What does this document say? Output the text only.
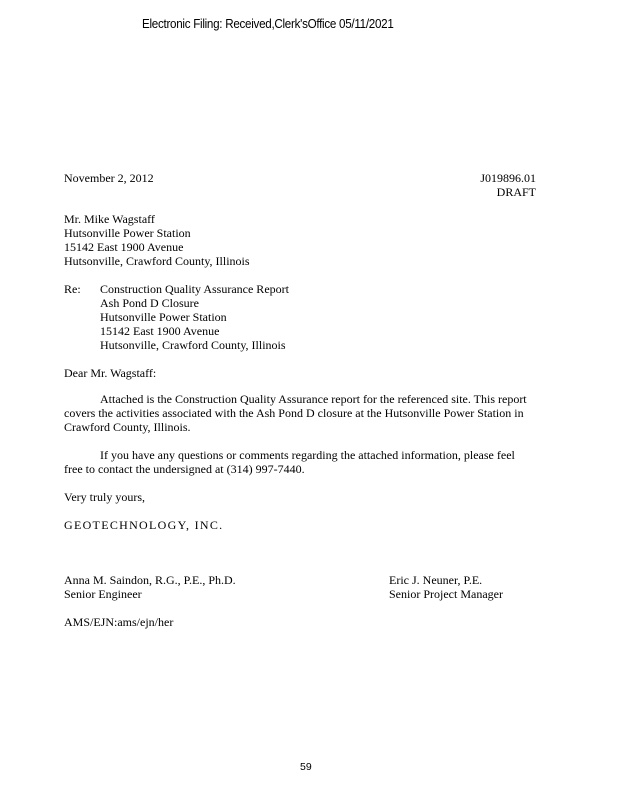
Electronic Filing: Received,Clerk'sOffice 05/11/2021
November 2, 2012	J019896.01
DRAFT
Mr. Mike Wagstaff
Hutsonville Power Station
15142 East 1900 Avenue
Hutsonville, Crawford County, Illinois
Re: Construction Quality Assurance Report
Ash Pond D Closure
Hutsonville Power Station
15142 East 1900 Avenue
Hutsonville, Crawford County, Illinois
Dear Mr. Wagstaff:
Attached is the Construction Quality Assurance report for the referenced site. This report covers the activities associated with the Ash Pond D closure at the Hutsonville Power Station in Crawford County, Illinois.
If you have any questions or comments regarding the attached information, please feel free to contact the undersigned at (314) 997-7440.
Very truly yours,
GEOTECHNOLOGY, INC.
Anna M. Saindon, R.G., P.E., Ph.D.
Senior Engineer
Eric J. Neuner, P.E.
Senior Project Manager
AMS/EJN:ams/ejn/her
59
